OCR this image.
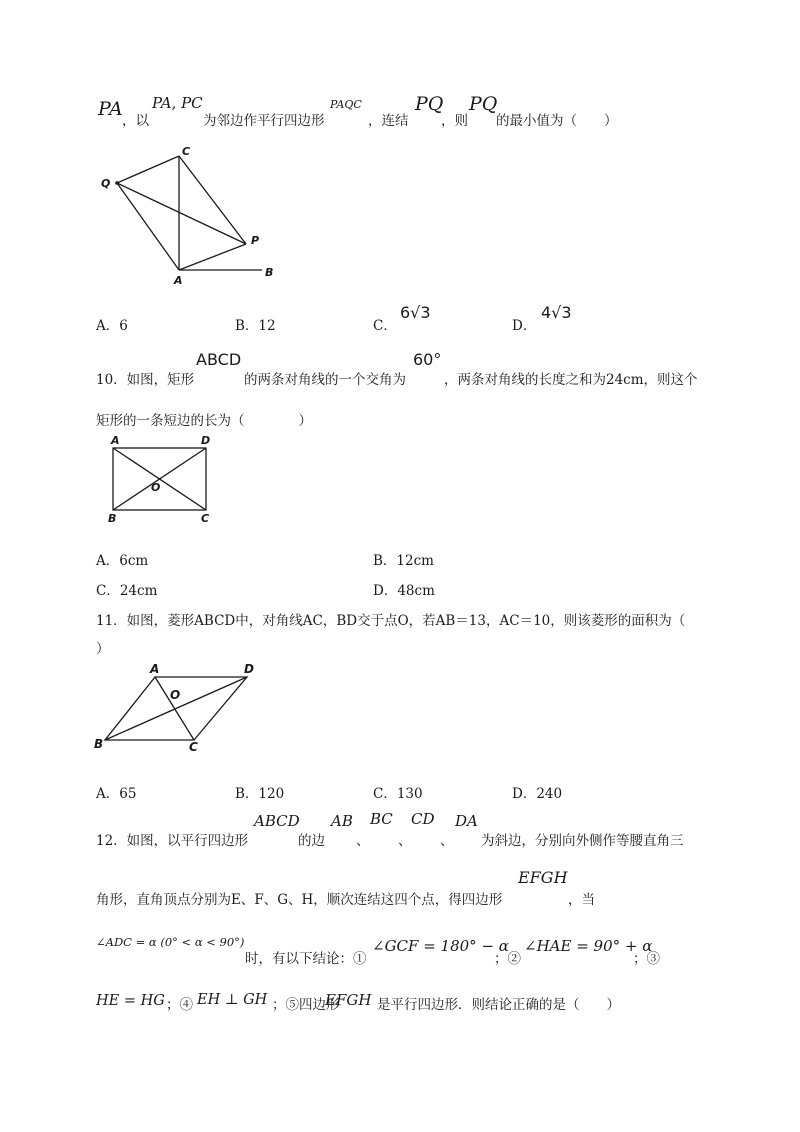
PA
，以
PA, PC
为邻边作平行四边形
PAQC
，连结
PQ
，则
PQ
的最小值为（　　）
C
Q
P
A
B
A．6	B．12	C．
6√3
D．
4√3
10．如图，矩形
ABCD
的两条对角线的一个交角为
60°
，两条对角线的长度之和为24cm，则这个
矩形的一条短边的长为（　　　　）
A	D
O
B	C
A．6cm	B．12cm
C．24cm	D．48cm
11．如图，菱形ABCD中，对角线AC，BD交于点O，若AB＝13，AC＝10，则该菱形的面积为（
）
A	D
O
B	C
A．65	B．120	C．130	D．240
12．如图，以平行四边形
ABCD
的边
AB
、
BC
、
CD
、
DA
为斜边，分别向外侧作等腰直角三
角形，直角顶点分别为E、F、G、H，顺次连结这四个点，得四边形
EFGH
，当
∠ADC = α (0° < α < 90°)
时，有以下结论：①
∠GCF = 180° − α
；②
∠HAE = 90° + α
；③
HE = HG ；④ EH ⊥ GH ；⑤四边形
EFGH 是平行四边形．则结论正确的是（　　）
